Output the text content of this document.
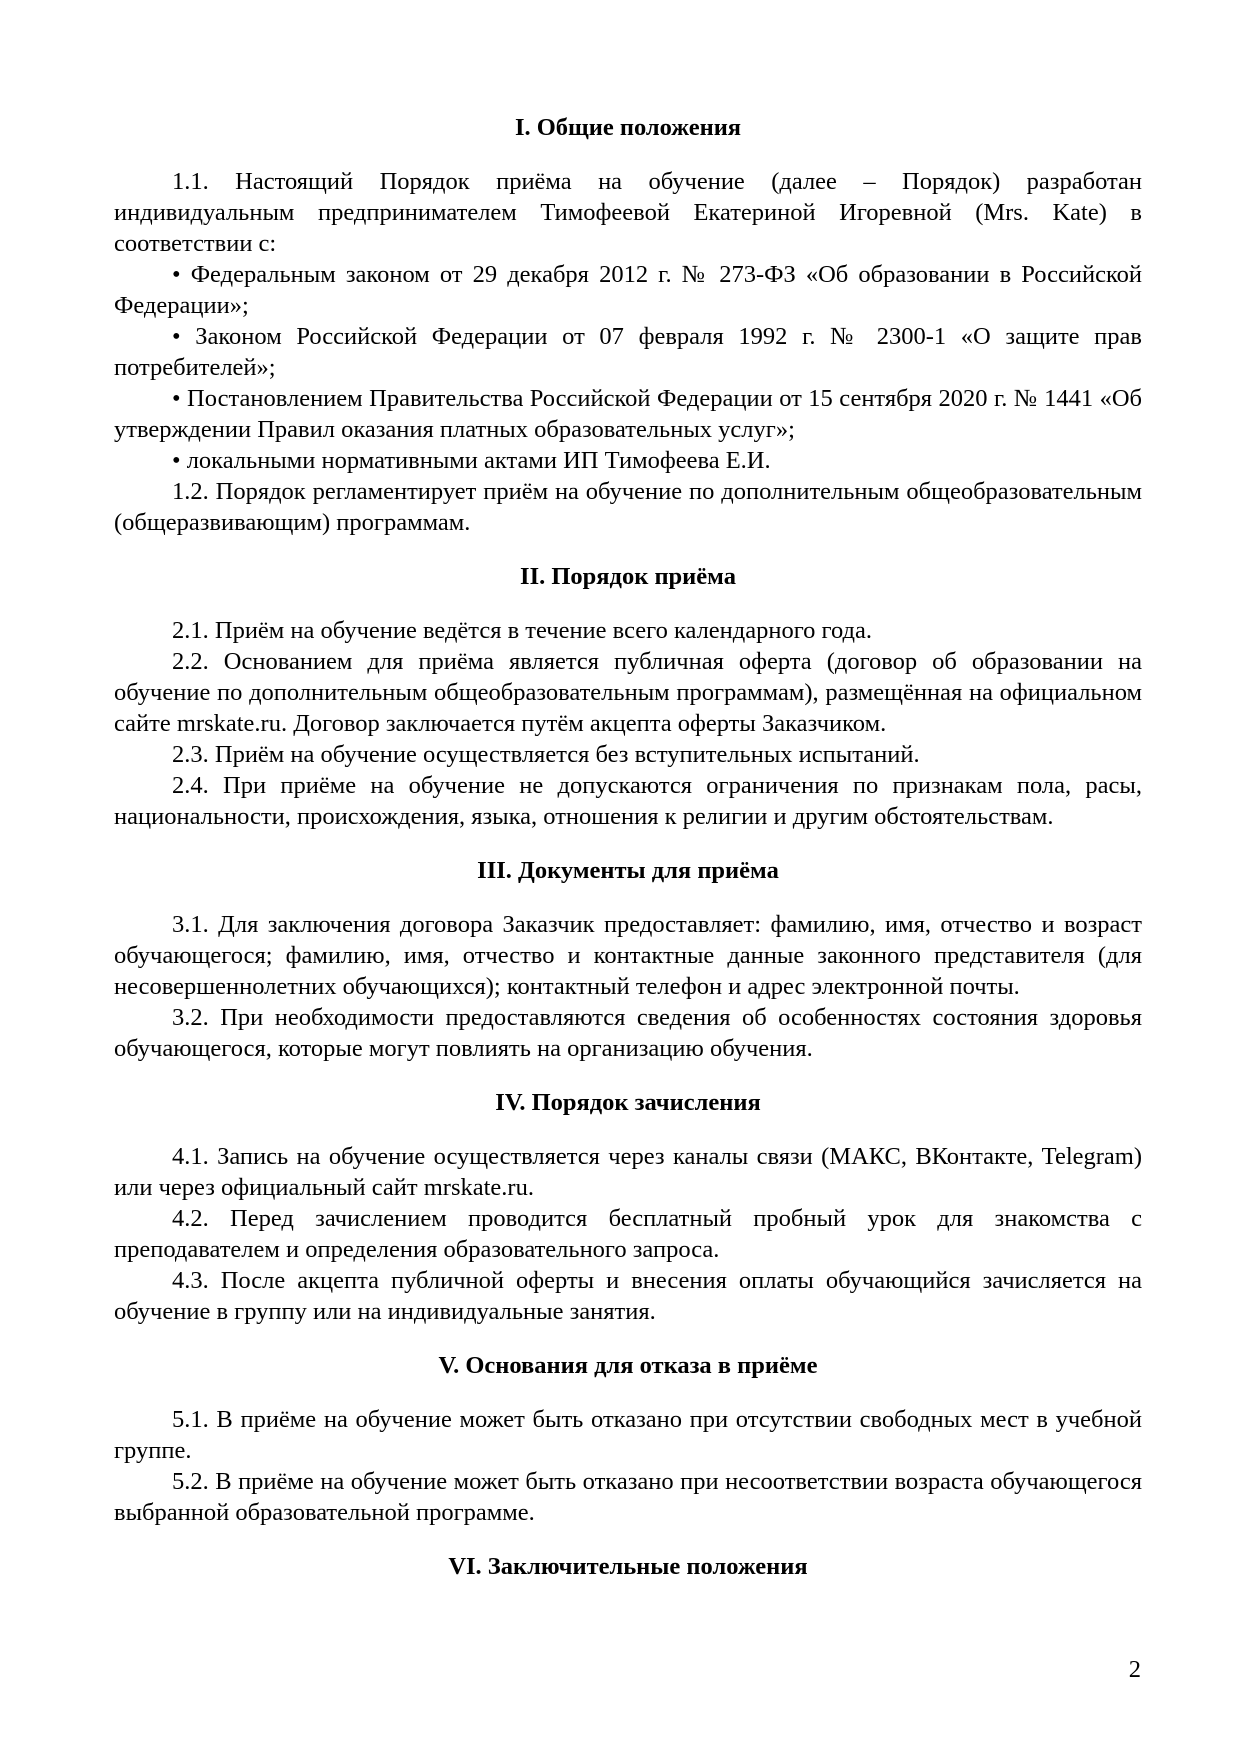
I. Общие положения

1.1. Настоящий Порядок приёма на обучение (далее – Порядок) разработан индивидуальным предпринимателем Тимофеевой Екатериной Игоревной (Mrs. Kate) в соответствии с:

• Федеральным законом от 29 декабря 2012 г. № 273-ФЗ «Об образовании в Российской Федерации»;

• Законом Российской Федерации от 07 февраля 1992 г. № 2300-1 «О защите прав потребителей»;

• Постановлением Правительства Российской Федерации от 15 сентября 2020 г. № 1441 «Об утверждении Правил оказания платных образовательных услуг»;

• локальными нормативными актами ИП Тимофеева Е.И.

1.2. Порядок регламентирует приём на обучение по дополнительным общеобразовательным (общеразвивающим) программам.

II. Порядок приёма

2.1. Приём на обучение ведётся в течение всего календарного года.

2.2. Основанием для приёма является публичная оферта (договор об образовании на обучение по дополнительным общеобразовательным программам), размещённая на официальном сайте mrskate.ru. Договор заключается путём акцепта оферты Заказчиком.

2.3. Приём на обучение осуществляется без вступительных испытаний.

2.4. При приёме на обучение не допускаются ограничения по признакам пола, расы, национальности, происхождения, языка, отношения к религии и другим обстоятельствам.

III. Документы для приёма

3.1. Для заключения договора Заказчик предоставляет: фамилию, имя, отчество и возраст обучающегося; фамилию, имя, отчество и контактные данные законного представителя (для несовершеннолетних обучающихся); контактный телефон и адрес электронной почты.

3.2. При необходимости предоставляются сведения об особенностях состояния здоровья обучающегося, которые могут повлиять на организацию обучения.

IV. Порядок зачисления

4.1. Запись на обучение осуществляется через каналы связи (МАКС, ВКонтакте, Telegram) или через официальный сайт mrskate.ru.

4.2. Перед зачислением проводится бесплатный пробный урок для знакомства с преподавателем и определения образовательного запроса.

4.3. После акцепта публичной оферты и внесения оплаты обучающийся зачисляется на обучение в группу или на индивидуальные занятия.

V. Основания для отказа в приёме

5.1. В приёме на обучение может быть отказано при отсутствии свободных мест в учебной группе.

5.2. В приёме на обучение может быть отказано при несоответствии возраста обучающегося выбранной образовательной программе.

VI. Заключительные положения

2
